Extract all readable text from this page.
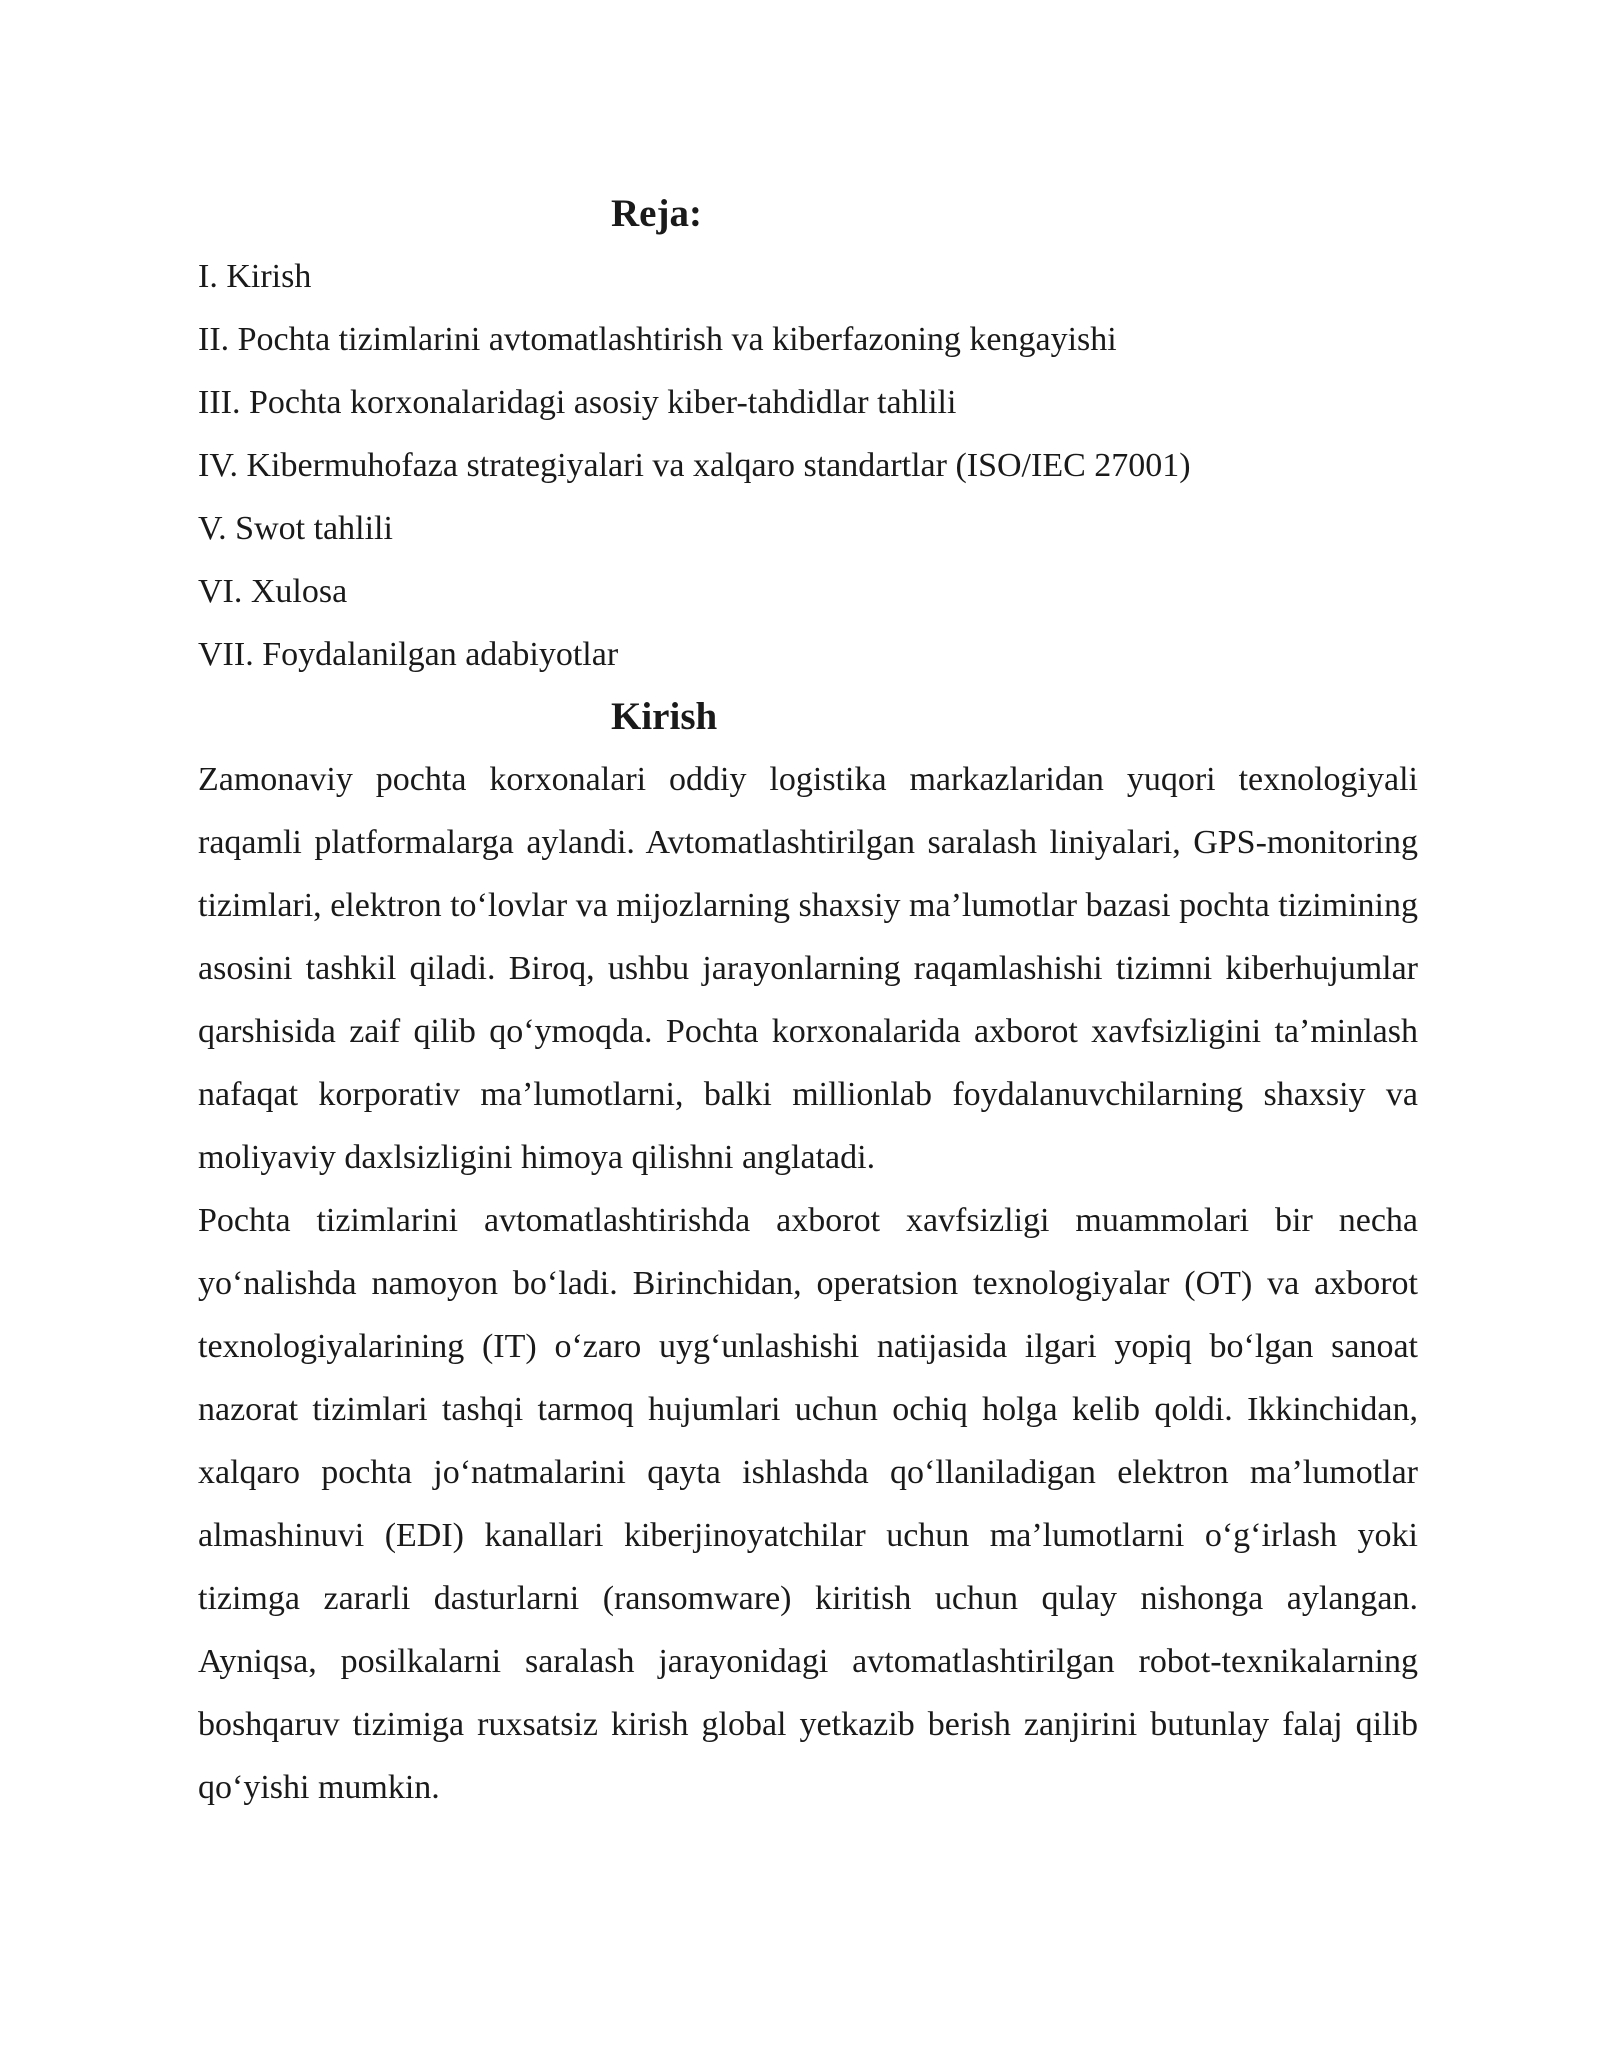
Reja:
I. Kirish
II. Pochta tizimlarini avtomatlashtirish va kiberfazoning kengayishi
III. Pochta korxonalaridagi asosiy kiber-tahdidlar tahlili
IV. Kibermuhofaza strategiyalari va xalqaro standartlar (ISO/IEC 27001)
V. Swot tahlili
VI. Xulosa
VII. Foydalanilgan adabiyotlar
Kirish

Zamonaviy pochta korxonalari oddiy logistika markazlaridan yuqori texnologiyali raqamli platformalarga aylandi. Avtomatlashtirilgan saralash liniyalari, GPS-monitoring tizimlari, elektron to‘lovlar va mijozlarning shaxsiy ma’lumotlar bazasi pochta tizimining asosini tashkil qiladi. Biroq, ushbu jarayonlarning raqamlashishi tizimni kiberhujumlar qarshisida zaif qilib qo‘ymoqda. Pochta korxonalarida axborot xavfsizligini ta’minlash nafaqat korporativ ma’lumotlarni, balki millionlab foydalanuvchilarning shaxsiy va moliyaviy daxlsizligini himoya qilishni anglatadi.

Pochta tizimlarini avtomatlashtirishda axborot xavfsizligi muammolari bir necha yo‘nalishda namoyon bo‘ladi. Birinchidan, operatsion texnologiyalar (OT) va axborot texnologiyalarining (IT) o‘zaro uyg‘unlashishi natijasida ilgari yopiq bo‘lgan sanoat nazorat tizimlari tashqi tarmoq hujumlari uchun ochiq holga kelib qoldi. Ikkinchidan, xalqaro pochta jo‘natmalarini qayta ishlashda qo‘llaniladigan elektron ma’lumotlar almashinuvi (EDI) kanallari kiberjinoyatchilar uchun ma’lumotlarni o‘g‘irlash yoki tizimga zararli dasturlarni (ransomware) kiritish uchun qulay nishonga aylangan. Ayniqsa, posilkalarni saralash jarayonidagi avtomatlashtirilgan robot-texnikalarning boshqaruv tizimiga ruxsatsiz kirish global yetkazib berish zanjirini butunlay falaj qilib qo‘yishi mumkin.
